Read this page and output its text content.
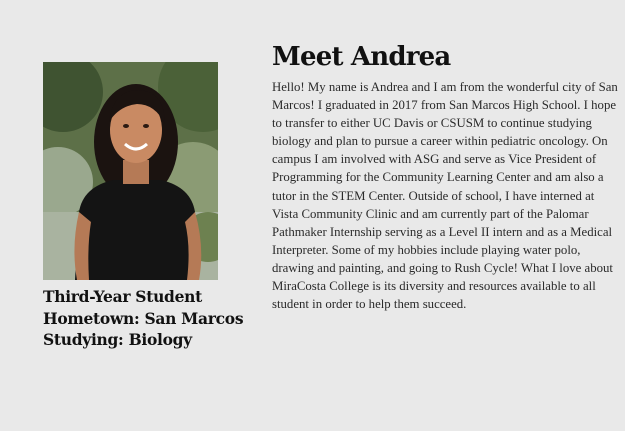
Third-Year Student
Hometown: San Marcos
Studying: Biology
Meet Andrea

Hello! My name is Andrea and I am from the wonderful city of San Marcos! I graduated in 2017 from San Marcos High School. I hope to transfer to either UC Davis or CSUSM to continue studying biology and plan to pursue a career within pediatric oncology. On campus I am involved with ASG and serve as Vice President of Programming for the Community Learning Center and am also a tutor in the STEM Center. Outside of school, I have interned at Vista Community Clinic and am currently part of the Palomar Pathmaker Internship serving as a Level II intern and as a Medical Interpreter. Some of my hobbies include playing water polo, drawing and painting, and going to Rush Cycle! What I love about MiraCosta College is its diversity and resources available to all student in order to help them succeed.
